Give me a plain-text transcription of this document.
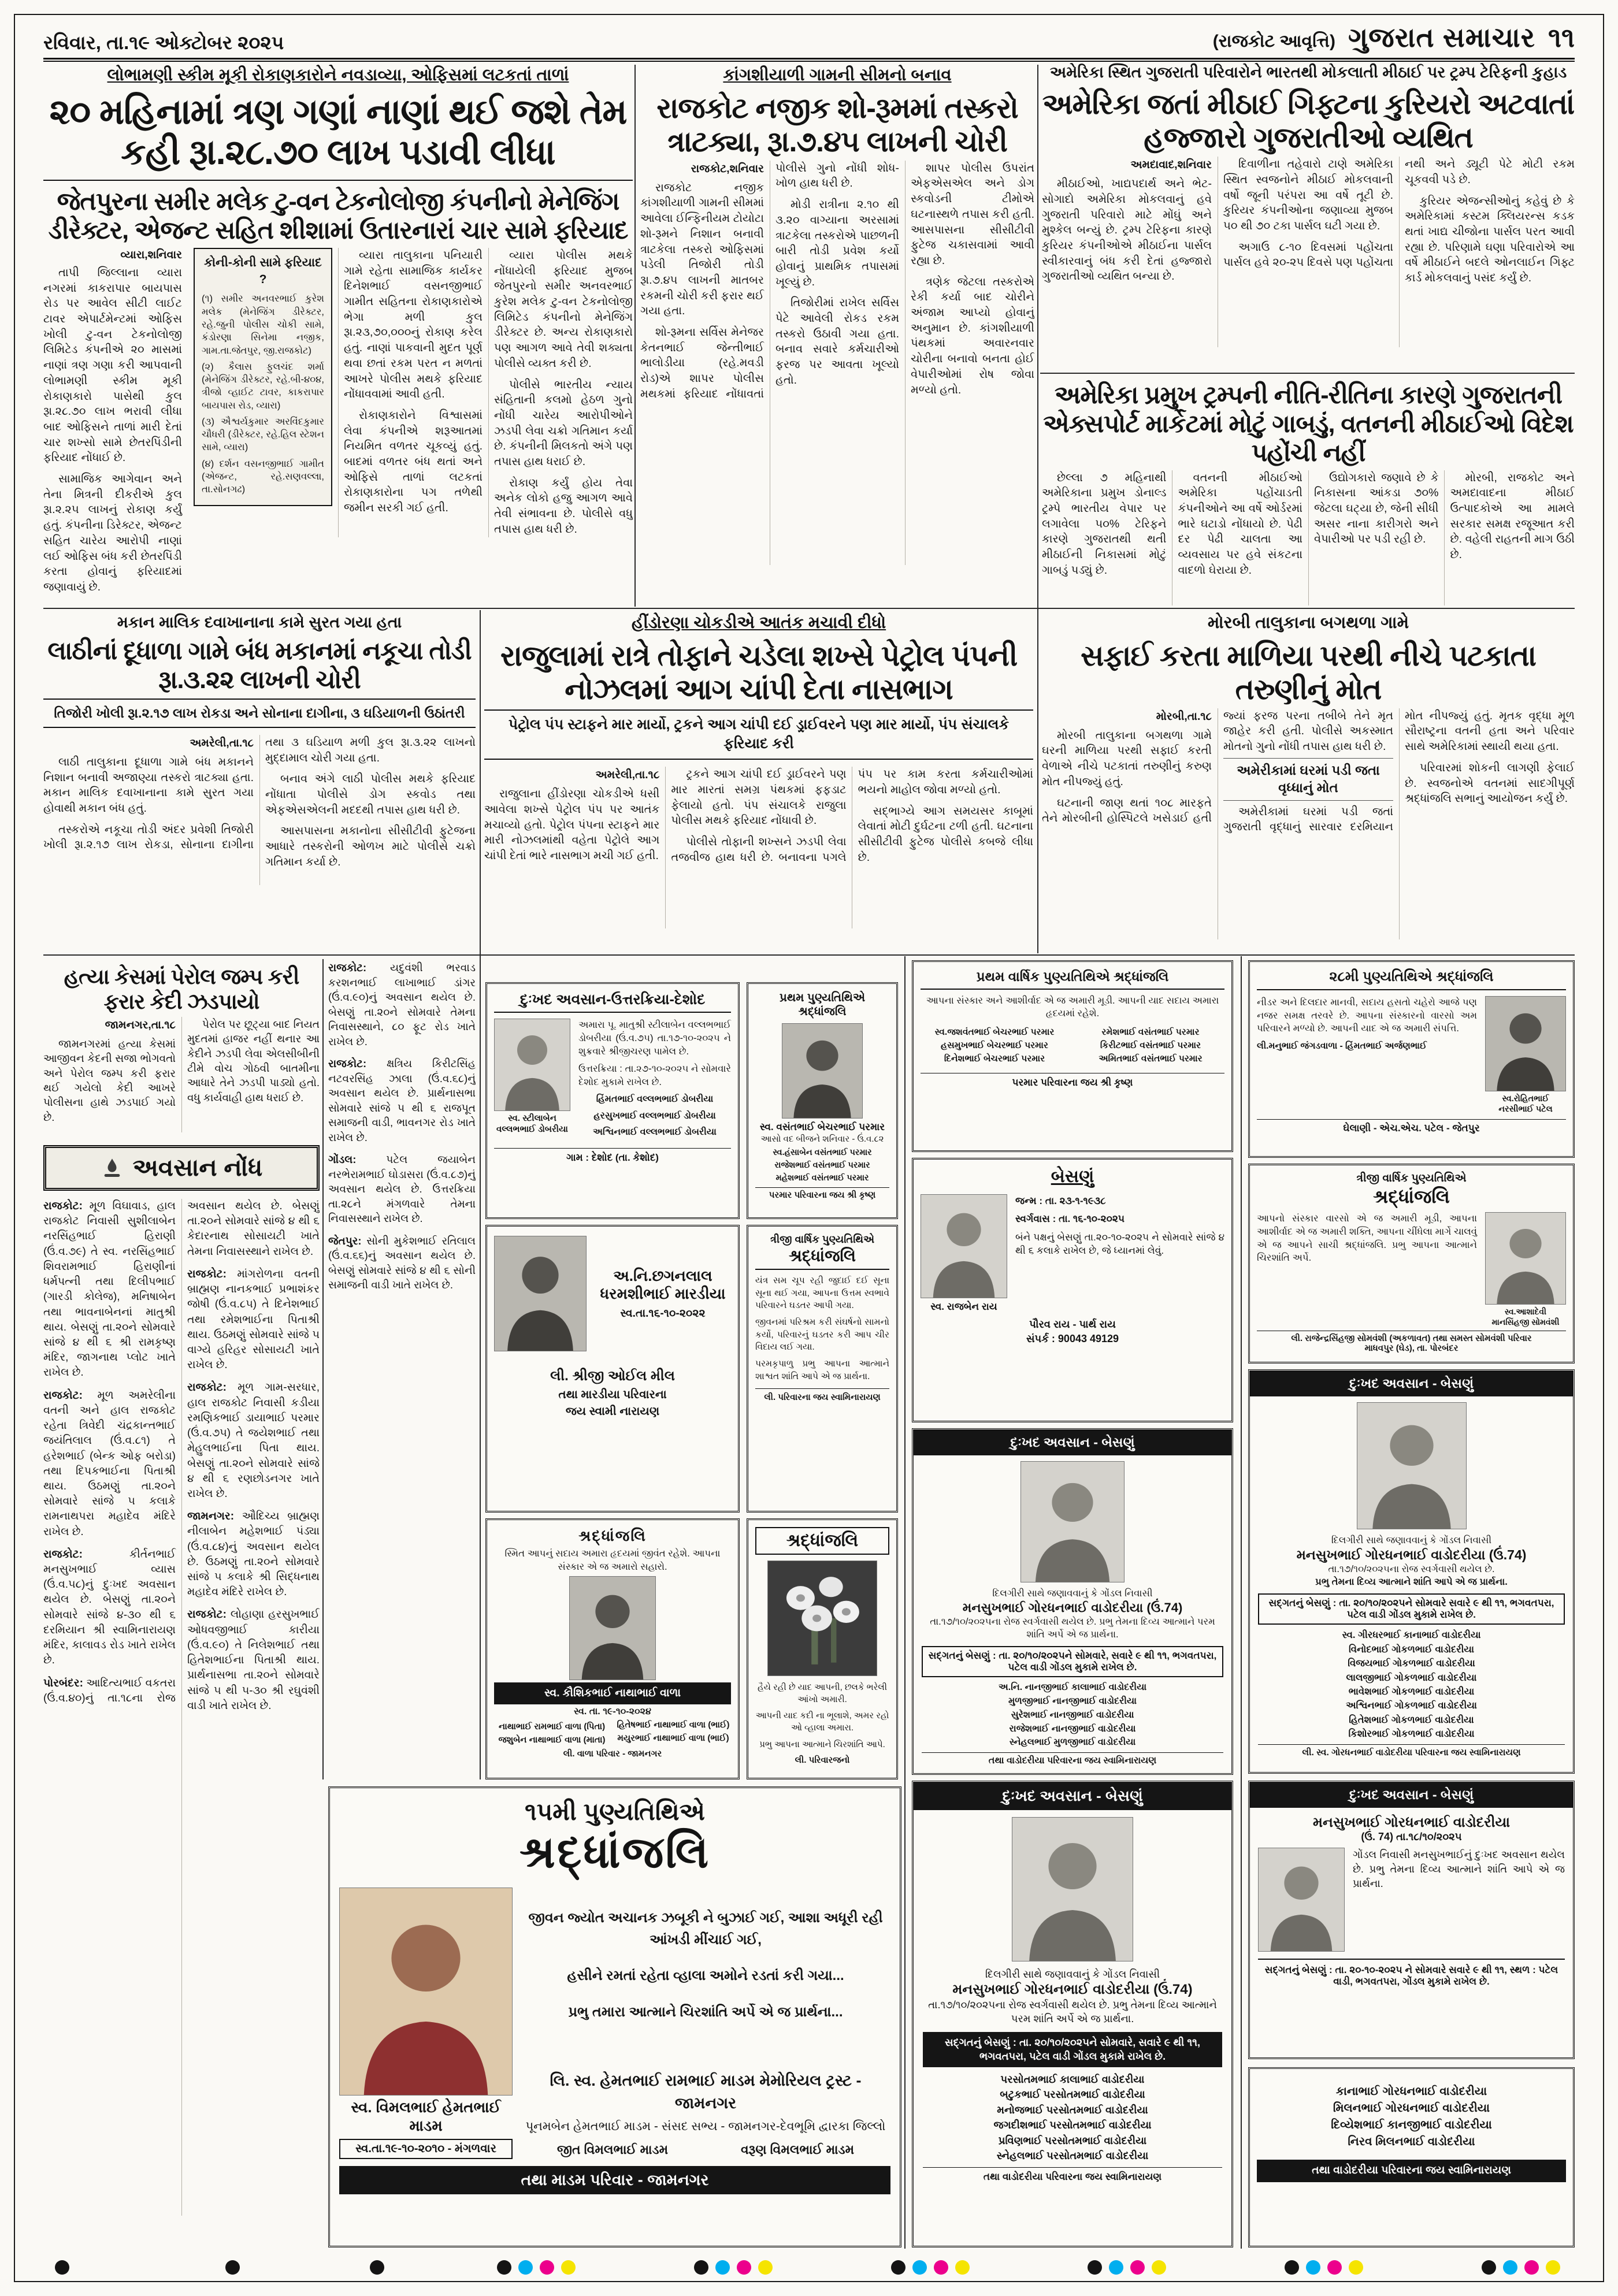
રવિવાર, તા.૧૯ ઓક્ટોબર ૨૦૨૫	(રાજકોટ આવૃત્તિ) ગુજરાત સમાચાર ૧૧
લોભામણી સ્કીમ મૂકી રોકાણકારોને નવડાવ્યા, ઓફિસમાં લટકતાં તાળાં
૨૦ મહિનામાં ત્રણ ગણાં નાણાં થઈ જશે તેમ કહી રૂા.૨૮.૭૦ લાખ પડાવી લીધા
જેતપુરના સમીર મલેક ટુ-વન ટેકનોલોજી કંપનીનો મેનેજિંગ ડીરેક્ટર, એજન્ટ સહિત શીશામાં ઉતારનારાં ચાર સામે ફરિયાદ
વ્યારા,શનિવાર

તાપી જિલ્લાના વ્યારા નગરમાં કાકરાપાર બાયપાસ રોડ પર આવેલ સીટી લાઈટ ટાવર એપાર્ટમેન્ટમાં ઓફિસ ખોલી ટુ-વન ટેકનોલોજી લિમિટેડ કંપનીએ ૨૦ માસમાં નાણાં ત્રણ ગણા કરી આપવાની લોભામણી સ્કીમ મૂકી રોકાણકારો પાસેથી કુલ રૂા.૨૮.૭૦ લાખ ભરાવી લીધા બાદ ઓફિસને તાળાં મારી દેતાં ચાર શખ્સો સામે છેતરપિંડીની ફરિયાદ નોંધાઈ છે.

સામાજિક આગેવાન અને તેના મિત્રની દીકરીએ કુલ રૂા.૨.૨૫ લાખનું રોકાણ કર્યું હતું. કંપનીના ડિરેક્ટર, એજન્ટ સહિત ચારેય આરોપી નાણાં લઈ ઓફિસ બંધ કરી છેતરપિંડી કરતા હોવાનું ફરિયાદમાં જણાવાયું છે.

કોની-કોની સામે ફરિયાદ ?

(૧) સમીર અનવરભાઈ કુરેશ મલેક (મેનેજિંગ ડીરેક્ટર, રહે.જુની પોલીસ ચોકી સામે, કંડોરણા સિનેમા નજીક, ગામ.તા.જેતપુર, જી.રાજકોટ)

(૨) કૈલાસ ફુલચંદ શર્મા (મેનેજિંગ ડીરેક્ટર, રહે.બી-૪૦૪, ત્રીજો વ્હાઈટ ટાવર, કાકરાપાર બાયપાસ રોડ, વ્યારા)

(૩) ઐશ્વર્યકુમાર અરવિંદકુમાર ચૌધરી (ડીરેક્ટર, રહે.હિલ સ્ટેશન સામે, વ્યારા)

(૪) દર્શન વસનજીભાઈ ગામીત (એજન્ટ, રહે.સણવલ્લા, તા.સોનગઢ)

વ્યારા તાલુકાના પનિયારી ગામે રહેતા સામાજિક કાર્યકર દિનેશભાઈ વસનજીભાઈ ગામીત સહિતના રોકાણકારોએ ભેગા મળી કુલ રૂા.૨૩,૭૦,૦૦૦નું રોકાણ કરેલ હતું. નાણાં પાકવાની મુદત પૂર્ણ થવા છતાં રકમ પરત ન મળતાં આખરે પોલીસ મથકે ફરિયાદ નોંધાવવામાં આવી હતી.

રોકાણકારોને વિશ્વાસમાં લેવા કંપનીએ શરૂઆતમાં નિયમિત વળતર ચૂકવ્યું હતું. બાદમાં વળતર બંધ થતાં અને ઓફિસે તાળાં લટકતાં રોકાણકારોના પગ તળેથી જમીન સરકી ગઈ હતી.

વ્યારા પોલીસ મથકે નોંધાયેલી ફરિયાદ મુજબ જેતપુરનો સમીર અનવરભાઈ કુરેશ મલેક ટુ-વન ટેકનોલોજી લિમિટેડ કંપનીનો મેનેજિંગ ડીરેક્ટર છે. અન્ય રોકાણકારો પણ આગળ આવે તેવી શક્યતા પોલીસે વ્યક્ત કરી છે.

પોલીસે ભારતીય ન્યાય સંહિતાની કલમો હેઠળ ગુનો નોંધી ચારેય આરોપીઓને ઝડપી લેવા ચક્રો ગતિમાન કર્યા છે. કંપનીની મિલકતો અંગે પણ તપાસ હાથ ધરાઈ છે.

રોકાણ કર્યું હોય તેવા અનેક લોકો હજુ આગળ આવે તેવી સંભાવના છે. પોલીસે વધુ તપાસ હાથ ધરી છે.

કાંગશીયાળી ગામની સીમનો બનાવ
રાજકોટ નજીક શો-રૂમમાં તસ્કરો ત્રાટક્યા, રૂા.૭.૪૫ લાખની ચોરી
રાજકોટ,શનિવાર

રાજકોટ નજીક કાંગશીયાળી ગામની સીમમાં આવેલા ઈન્ફિનીયમ ટોયોટા શો-રૂમને નિશાન બનાવી ત્રાટકેલા તસ્કરો ઓફિસમાં પડેલી તિજોરી તોડી રૂા.૭.૪૫ લાખની માતબર રકમની ચોરી કરી ફરાર થઈ ગયા હતા.

શો-રૂમના સર્વિસ મેનેજર કેતનભાઈ જેન્તીભાઈ ભાલોડીયા (રહે.મવડી રોડ)એ શાપર પોલીસ મથકમાં ફરિયાદ નોંધાવતાં પોલીસે ગુનો નોંધી શોધ-ખોળ હાથ ધરી છે.

મોડી રાત્રીના ૨.૧૦ થી ૩.૨૦ વાગ્યાના અરસામાં ત્રાટકેલા તસ્કરોએ પાછળની બારી તોડી પ્રવેશ કર્યો હોવાનું પ્રાથમિક તપાસમાં ખૂલ્યું છે.

તિજોરીમાં રાખેલ સર્વિસ પેટે આવેલી રોકડ રકમ તસ્કરો ઉઠાવી ગયા હતા. બનાવ સવારે કર્મચારીઓ ફરજ પર આવતા ખૂલ્યો હતો.

શાપર પોલીસ ઉપરાંત એફએસએલ અને ડોગ સ્કવોડની ટીમોએ ઘટનાસ્થળે તપાસ કરી હતી. આસપાસના સીસીટીવી ફુટેજ ચકાસવામાં આવી રહ્યા છે.

ત્રણેક જેટલા તસ્કરોએ રેકી કર્યા બાદ ચોરીને અંજામ આપ્યો હોવાનું અનુમાન છે. કાંગશીયાળી પંથકમાં અવારનવાર ચોરીના બનાવો બનતા હોઈ વેપારીઓમાં રોષ જોવા મળ્યો હતો.

અમેરિકા સ્થિત ગુજરાતી પરિવારોને ભારતથી મોકલાતી મીઠાઈ પર ટ્રમ્પ ટેરિફની કુહાડ
અમેરિકા જતાં મીઠાઈ ગિફ્ટના કુરિયરો અટવાતાં હજ્જારો ગુજરાતીઓ વ્યથિત
અમદાવાદ,શનિવાર

મીઠાઈઓ, ખાદ્યપદાર્થ અને ભેટ-સોગાદો અમેરિકા મોકલવાનું હવે ગુજરાતી પરિવારો માટે મોંઘું અને મુશ્કેલ બન્યું છે. ટ્રમ્પ ટેરિફના કારણે કુરિયર કંપનીઓએ મીઠાઈના પાર્સલ સ્વીકારવાનું બંધ કરી દેતાં હજ્જારો ગુજરાતીઓ વ્યથિત બન્યા છે.

દિવાળીના તહેવારો ટાણે અમેરિકા સ્થિત સ્વજનોને મીઠાઈ મોકલવાની વર્ષો જૂની પરંપરા આ વર્ષે તૂટી છે. કુરિયર કંપનીઓના જણાવ્યા મુજબ ૫૦ થી ૭૦ ટકા પાર્સલ ઘટી ગયા છે.

અગાઉ ૮-૧૦ દિવસમાં પહોંચતા પાર્સલ હવે ૨૦-૨૫ દિવસે પણ પહોંચતા નથી અને ડ્યૂટી પેટે મોટી રકમ ચૂકવવી પડે છે.

કુરિયર એજન્સીઓનું કહેવું છે કે અમેરિકામાં કસ્ટમ ક્લિયરન્સ કડક થતાં ખાદ્ય ચીજોના પાર્સલ પરત આવી રહ્યા છે. પરિણામે ઘણા પરિવારોએ આ વર્ષે મીઠાઈને બદલે ઓનલાઈન ગિફ્ટ કાર્ડ મોકલવાનું પસંદ કર્યું છે.

અમેરિકા પ્રમુખ ટ્રમ્પની નીતિ-રીતિના કારણે ગુજરાતની એક્સપોર્ટ માર્કેટમાં મોટું ગાબડું, વતનની મીઠાઈઓ વિદેશ પહોંચી નહીં

છેલ્લા ૭ મહિનાથી અમેરિકાના પ્રમુખ ડોનાલ્ડ ટ્રમ્પે ભારતીય વેપાર પર લગાવેલા ૫૦% ટેરિફને કારણે ગુજરાતથી થતી મીઠાઈની નિકાસમાં મોટું ગાબડું પડ્યું છે.

વતનની મીઠાઈઓ અમેરિકા પહોંચાડતી કંપનીઓને આ વર્ષે ઓર્ડરમાં ભારે ઘટાડો નોંધાયો છે. પેઢી દર પેઢી ચાલતા આ વ્યવસાય પર હવે સંકટના વાદળો ઘેરાયા છે.

ઉદ્યોગકારો જણાવે છે કે નિકાસના આંકડા ૭૦% જેટલા ઘટ્યા છે, જેની સીધી અસર નાના કારીગરો અને વેપારીઓ પર પડી રહી છે.

મોરબી, રાજકોટ અને અમદાવાદના મીઠાઈ ઉત્પાદકોએ આ મામલે સરકાર સમક્ષ રજૂઆત કરી છે. વહેલી રાહતની માગ ઉઠી છે.

મોરબી તાલુકાના બગથળા ગામે
સફાઈ કરતા માળિયા પરથી નીચે પટકાતા તરુણીનું મોત
મોરબી,તા.૧૮

મોરબી તાલુકાના બગથળા ગામે ઘરની માળિયા પરથી સફાઈ કરતી વેળાએ નીચે પટકાતાં તરુણીનું કરુણ મોત નીપજ્યું હતું.

ઘટનાની જાણ થતાં ૧૦૮ મારફતે તેને મોરબીની હોસ્પિટલે ખસેડાઈ હતી જ્યાં ફરજ પરના તબીબે તેને મૃત જાહેર કરી હતી. પોલીસે અકસ્માત મોતનો ગુનો નોંધી તપાસ હાથ ધરી છે.

અમેરીકામાં ઘરમાં પડી જતા વૃધ્ધાનું મોત

અમેરીકામાં ઘરમાં પડી જતાં ગુજરાતી વૃદ્ધાનું સારવાર દરમિયાન મોત નીપજ્યું હતું. મૃતક વૃદ્ધા મૂળ સૌરાષ્ટ્રના વતની હતા અને પરિવાર સાથે અમેરિકામાં સ્થાયી થયા હતા.

પરિવારમાં શોકની લાગણી ફેલાઈ છે. સ્વજનોએ વતનમાં સાદગીપૂર્ણ શ્રદ્ધાંજલિ સભાનું આયોજન કર્યું છે.

હીંડોરણા ચોકડીએ આતંક મચાવી દીધો
રાજુલામાં રાત્રે તોફાને ચડેલા શખ્સે પેટ્રોલ પંપની નોઝલમાં આગ ચાંપી દેતા નાસભાગ
પેટ્રોલ પંપ સ્ટાફને માર માર્યો, ટ્રકને આગ ચાંપી દઈ ડ્રાઈવરને પણ માર માર્યો, પંપ સંચાલકે ફરિયાદ કરી
અમરેલી,તા.૧૮

રાજુલાના હીંડોરણા ચોકડીએ ધસી આવેલા શખ્સે પેટ્રોલ પંપ પર આતંક મચાવ્યો હતો. પેટ્રોલ પંપના સ્ટાફને માર મારી નોઝલમાંથી વહેતા પેટ્રોલે આગ ચાંપી દેતાં ભારે નાસભાગ મચી ગઈ હતી.

ટ્રકને આગ ચાંપી દઈ ડ્રાઈવરને પણ માર મારતાં સમગ્ર પંથકમાં ફફડાટ ફેલાયો હતો. પંપ સંચાલકે રાજુલા પોલીસ મથકે ફરિયાદ નોંધાવી છે.

પોલીસે તોફાની શખ્સને ઝડપી લેવા તજવીજ હાથ ધરી છે. બનાવના પગલે પંપ પર કામ કરતા કર્મચારીઓમાં ભયનો માહોલ જોવા મળ્યો હતો.

સદ્ભાગ્યે આગ સમયસર કાબૂમાં લેવાતાં મોટી દુર્ઘટના ટળી હતી. ઘટનાના સીસીટીવી ફુટેજ પોલીસે કબજે લીધા છે.

મકાન માલિક દવાખાનાના કામે સુરત ગયા હતા
લાઠીનાં દૂધાળા ગામે બંધ મકાનમાં નકૂચા તોડી રૂા.૩.૨૨ લાખની ચોરી
તિજોરી ખોલી રૂા.૨.૧૭ લાખ રોકડા અને સોનાના દાગીના, ૩ ઘડિયાળની ઉઠાંતરી
અમરેલી,તા.૧૮

લાઠી તાલુકાના દૂધાળા ગામે બંધ મકાનને નિશાન બનાવી અજાણ્યા તસ્કરો ત્રાટક્યા હતા. મકાન માલિક દવાખાનાના કામે સુરત ગયા હોવાથી મકાન બંધ હતું.

તસ્કરોએ નકૂચા તોડી અંદર પ્રવેશી તિજોરી ખોલી રૂા.૨.૧૭ લાખ રોકડા, સોનાના દાગીના તથા ૩ ઘડિયાળ મળી કુલ રૂા.૩.૨૨ લાખનો મુદ્દામાલ ચોરી ગયા હતા.

બનાવ અંગે લાઠી પોલીસ મથકે ફરિયાદ નોંધાતા પોલીસે ડોગ સ્કવોડ તથા એફએસએલની મદદથી તપાસ હાથ ધરી છે.

આસપાસના મકાનોના સીસીટીવી ફુટેજના આધારે તસ્કરોની ઓળખ માટે પોલીસે ચક્રો ગતિમાન કર્યા છે.

હત્યા કેસમાં પેરોલ જમ્પ કરી ફરાર કેદી ઝડપાયો
જામનગર,તા.૧૮

જામનગરમાં હત્યા કેસમાં આજીવન કેદની સજા ભોગવતો અને પેરોલ જમ્પ કરી ફરાર થઈ ગયેલો કેદી આખરે પોલીસના હાથે ઝડપાઈ ગયો છે.

પેરોલ પર છૂટ્યા બાદ નિયત મુદતમાં હાજર નહીં થનાર આ કેદીને ઝડપી લેવા એલસીબીની ટીમે વોચ ગોઠવી બાતમીના આધારે તેને ઝડપી પાડ્યો હતો. વધુ કાર્યવાહી હાથ ધરાઈ છે.

અવસાન નોંધ

રાજકોટ: મૂળ વિઘાવાડ, હાલ રાજકોટ નિવાસી સુશીલાબેન નરસિંહભાઈ હિરાણી (ઉં.વ.૭૯) તે સ્વ. નરસિંહભાઈ શિવરામભાઈ હિરાણીનાં ધર્મપત્ની તથા દિલીપભાઈ (ગારડી કોલેજ), મનિષાબેન તથા ભાવનાબેનનાં માતુશ્રી થાય. બેસણું તા.૨૦ને સોમવારે સાંજે ૪ થી ૬ શ્રી રામકૃષ્ણ મંદિર, જાગનાથ પ્લોટ ખાતે રાખેલ છે.

રાજકોટ: મૂળ અમરેલીના વતની અને હાલ રાજકોટ રહેતા ત્રિવેદી ચંદ્રકાન્તભાઈ જયંતિલાલ (ઉં.વ.૮૧) તે હરેશભાઈ (બેન્ક ઓફ બરોડા) તથા દિપકભાઈના પિતાશ્રી થાય. ઉઠમણું તા.૨૦ને સોમવારે સાંજે ૫ કલાકે રામનાથપરા મહાદેવ મંદિરે રાખેલ છે.

રાજકોટ: કીર્તનભાઈ મનસુખભાઈ વ્યાસ (ઉં.વ.૫૮)નું દુઃખદ અવસાન થયેલ છે. બેસણું તા.૨૦ને સોમવારે સાંજે ૪-૩૦ થી ૬ દરમિયાન શ્રી સ્વામિનારાયણ મંદિર, કાલાવડ રોડ ખાતે રાખેલ છે.

પોરબંદર: આદિત્યભાઈ વકતરા (ઉં.વ.૪૦)નું તા.૧૮ના રોજ અવસાન થયેલ છે. બેસણું તા.૨૦ને સોમવારે સાંજે ૪ થી ૬ કેદારનાથ સોસાયટી ખાતે તેમના નિવાસસ્થાને રાખેલ છે.

રાજકોટ: માંગરોળના વતની બ્રાહ્મણ નાનકભાઈ પ્રભાશંકર જોષી (ઉં.વ.૮૫) તે દિનેશભાઈ તથા રમેશભાઈના પિતાશ્રી થાય. ઉઠમણું સોમવારે સાંજે ૫ વાગ્યે હરિહર સોસાયટી ખાતે રાખેલ છે.

રાજકોટ: મૂળ ગામ-સરધાર, હાલ રાજકોટ નિવાસી કડીયા રમણિકભાઈ ડાયાભાઈ પરમાર (ઉં.વ.૭૫) તે જયેશભાઈ તથા મેહુલભાઈના પિતા થાય. બેસણું તા.૨૦ને સોમવારે સાંજે ૪ થી ૬ રણછોડનગર ખાતે રાખેલ છે.

જામનગર: ઔદિચ્ય બ્રાહ્મણ નીલાબેન મહેશભાઈ પંડ્યા (ઉં.વ.૮૪)નું અવસાન થયેલ છે. ઉઠમણું તા.૨૦ને સોમવારે સાંજે ૫ કલાકે શ્રી સિદ્ધનાથ મહાદેવ મંદિરે રાખેલ છે.

રાજકોટ: લોહાણા હરસુખભાઈ ઓધવજીભાઈ કારીયા (ઉં.વ.૯૦) તે નિલેશભાઈ તથા હિતેશભાઈના પિતાશ્રી થાય. પ્રાર્થનાસભા તા.૨૦ને સોમવારે સાંજે ૫ થી ૫-૩૦ શ્રી રઘુવંશી વાડી ખાતે રાખેલ છે.

રાજકોટ: યદુવંશી ભરવાડ કરશનભાઈ લાખાભાઈ ડાંગર (ઉં.વ.૯૦)નું અવસાન થયેલ છે. બેસણું તા.૨૦ને સોમવારે તેમના નિવાસસ્થાને, ૮૦ ફૂટ રોડ ખાતે રાખેલ છે.

રાજકોટ: ક્ષત્રિય કિરીટસિંહ નટવરસિંહ ઝાલા (ઉં.વ.૬૮)નું અવસાન થયેલ છે. પ્રાર્થનાસભા સોમવારે સાંજે ૫ થી ૬ રાજપૂત સમાજની વાડી, ભાવનગર રોડ ખાતે રાખેલ છે.

ગોંડલ: પટેલ જયાબેન નરભેરામભાઈ ઘોડાસરા (ઉં.વ.૮૭)નું અવસાન થયેલ છે. ઉત્તરક્રિયા તા.૨૮ને મંગળવારે તેમના નિવાસસ્થાને રાખેલ છે.

જેતપુર: સોની મુકેશભાઈ રતિલાલ (ઉં.વ.૬૬)નું અવસાન થયેલ છે. બેસણું સોમવારે સાંજે ૪ થી ૬ સોની સમાજની વાડી ખાતે રાખેલ છે.

દુઃખદ અવસાન-ઉત્તરક્રિયા-દેશોદ
સ્વ. સ્ટીલાબેન વલ્લભભાઈ ડોબરીયા

અમારા પૂ. માતુશ્રી સ્ટીલાબેન વલ્લભભાઈ ડોબરીયા (ઉં.વ.૭૫) તા.૧૭-૧૦-૨૦૨૫ ને શુક્રવારે શ્રીજીચરણ પામેલ છે.

ઉત્તરક્રિયા : તા.૨૭-૧૦-૨૦૨૫ ને સોમવારે દેશોદ મુકામે રાખેલ છે.

હિંમતભાઈ વલ્લભભાઈ ડોબરીયા

હરસુખભાઈ વલ્લભભાઈ ડોબરીયા

અશ્વિનભાઈ વલ્લભભાઈ ડોબરીયા

ગામ : દેશોદ (તા. કેશોદ)
પ્રથમ પુણ્યતિથિએ શ્રદ્ધાંજલિ
સ્વ. વસંતભાઈ બેચરભાઈ પરમાર
આસો વદ બીજને શનિવાર - ઉં.વ.૮૨

સ્વ.હંસાબેન વસંતભાઈ પરમાર

રાજેશભાઈ વસંતભાઈ પરમાર

મહેશભાઈ વસંતભાઈ પરમાર

પરમાર પરિવારના જય શ્રી કૃષ્ણ
અ.નિ.છગનલાલ
ધરમશીભાઈ મારડીયા
સ્વ.તા.૧૬-૧૦-૨૦૨૨
લી. શ્રીજી ઓઈલ મીલ
તથા મારડીયા પરિવારના
જય સ્વામી નારાયણ
ત્રીજી વાર્ષિક પુણ્યતિથિએ
શ્રદ્ધાંજલિ

યંત્ર સમ ચૂપ રહી જુદાઈ દઈ સૂના સૂના થઈ ગયા, આપના ઉત્તમ સ્વભાવે પરિવારને ઘડતર આપી ગયા.

જીવનમાં પરિશ્રમ કરી સંઘર્ષનો સામનો કર્યો, પરિવારનું ઘડતર કરી આપ ચીર વિદાય લઈ ગયા.

પરમકૃપાળુ પ્રભુ આપના આત્માને શાશ્વત શાંતિ આપે એ જ પ્રાર્થના.

લી. પરિવારના જય સ્વામિનારાયણ
શ્રદ્ધાંજલિ
સ્મિત આપનું સદાય અમારા હૃદયમાં જીવંત રહેશે. આપના સંસ્કાર એ જ અમારો સહારો.
સ્વ. કૌશિકભાઈ નાથાભાઈ વાળા
સ્વ. તા. ૧૯-૧૦-૨૦૨૪

નાથાભાઈ રામભાઈ વાળા (પિતા)

જશુબેન નાથાભાઈ વાળા (માતા)

હિતેષભાઈ નાથાભાઈ વાળા (ભાઈ)

મયુરભાઈ નાથાભાઈ વાળા (ભાઈ)

લી. વાળા પરિવાર - જામનગર
શ્રદ્ધાંજલિ

હૈયે રહી છે યાદ આપની, છલકે ભરેલી આંખો અમારી.

આપની યાદ કદી ના ભૂલાશે, અમર રહો ઓ વ્હાલા અમારા.

પ્રભુ આપના આત્માને ચિરશાંતિ આપે.

લી. પરિવારજનો
૧૫મી પુણ્યતિથિએ
શ્રદ્ધાંજલિ
સ્વ. વિમલભાઈ હેમતભાઈ માડમ
સ્વ.તા.૧૯-૧૦-૨૦૧૦ - મંગળવાર

જીવન જ્યોત અચાનક ઝબૂકી ને બુઝાઈ ગઈ, આશા અધૂરી રહી આંખડી મીંચાઈ ગઈ,

હસીને રમતાં રહેતા વ્હાલા અમોને રડતાં કરી ગયા...

પ્રભુ તમારા આત્માને ચિરશાંતિ અર્પે એ જ પ્રાર્થના...

લિ. સ્વ. હેમતભાઈ રામભાઈ માડમ મેમોરિયલ ટ્રસ્ટ - જામનગર
પૂનમબેન હેમતભાઈ માડમ - સંસદ સભ્ય - જામનગર-દેવભૂમિ દ્વારકા જિલ્લો
જીત વિમલભાઈ માડમ	વરૂણ વિમલભાઈ માડમ
તથા માડમ પરિવાર - જામનગર
પ્રથમ વાર્ષિક પુણ્યતિથિએ શ્રદ્ધાંજલિ
આપના સંસ્કાર અને આશીર્વાદ એ જ અમારી મૂડી. આપની યાદ સદાય અમારા હૃદયમાં રહેશે.

સ્વ.જશવંતભાઈ બેચરભાઈ પરમાર

હસમુખભાઈ બેચરભાઈ પરમાર

દિનેશભાઈ બેચરભાઈ પરમાર

રમેશભાઈ વસંતભાઈ પરમાર

કિરીટભાઈ વસંતભાઈ પરમાર

અમિતભાઈ વસંતભાઈ પરમાર

પરમાર પરિવારના જય શ્રી કૃષ્ણ
બેસણું
સ્વ. રાજબેન રાય

જન્મ : તા. ૨૩-૧-૧૯૩૮

સ્વર્ગવાસ : તા. ૧૬-૧૦-૨૦૨૫

બંને પક્ષનું બેસણું તા.૨૦-૧૦-૨૦૨૫ ને સોમવારે સાંજે ૪ થી ૬ કલાકે રાખેલ છે, જે ધ્યાનમાં લેવું.

પૌરવ રાય - પાર્થ રાય
સંપર્ક : 90043 49129
દુઃખદ અવસાન - બેસણું
દિલગીરી સાથે જણાવવાનું કે ગોંડલ નિવાસી
મનસુખભાઈ ગોરધનભાઈ વાડોદરીયા (ઉં.74)
તા.૧૭/૧૦/૨૦૨૫ના રોજ સ્વર્ગવાસી થયેલ છે. પ્રભુ તેમના દિવ્ય આત્માને પરમ શાંતિ અર્પે એ જ પ્રાર્થના.
સદ્ગતનું બેસણું : તા. ૨૦/૧૦/૨૦૨૫ને સોમવારે, સવારે ૯ થી ૧૧, ભગવતપરા, પટેલ વાડી ગોંડલ મુકામે રાખેલ છે.

અ.નિ. નાનજીભાઈ કાલાભાઈ વાડોદરીયા

મુળજીભાઈ નાનજીભાઈ વાડોદરીયા

સુરેશભાઈ નાનજીભાઈ વાડોદરીયા

રાજેશભાઈ નાનજીભાઈ વાડોદરીયા

સ્નેહલભાઈ મુળજીભાઈ વાડોદરીયા

તથા વાડોદરીયા પરિવારના જય સ્વામિનારાયણ
દુઃખદ અવસાન - બેસણું
દિલગીરી સાથે જણાવવાનું કે ગોંડલ નિવાસી
મનસુખભાઈ ગોરધનભાઈ વાડોદરીયા (ઉં.74)
તા.૧૭/૧૦/૨૦૨૫ના રોજ સ્વર્ગવાસી થયેલ છે. પ્રભુ તેમના દિવ્ય આત્માને પરમ શાંતિ અર્પે એ જ પ્રાર્થના.
સદ્ગતનું બેસણું : તા. ૨૦/૧૦/૨૦૨૫ને સોમવારે, સવારે ૯ થી ૧૧, ભગવતપરા, પટેલ વાડી ગોંડલ મુકામે રાખેલ છે.

પરસોતમભાઈ કાલાભાઈ વાડોદરીયા

બટુકભાઈ પરસોતમભાઈ વાડોદરીયા

મનોજભાઈ પરસોતમભાઈ વાડોદરીયા

જગદીશભાઈ પરસોતમભાઈ વાડોદરીયા

પ્રવિણભાઈ પરસોતમભાઈ વાડોદરીયા

સ્નેહલભાઈ પરસોતમભાઈ વાડોદરીયા

તથા વાડોદરીયા પરિવારના જય સ્વામિનારાયણ
૨૮મી પુણ્યતિથિએ શ્રદ્ધાંજલિ

નીડર અને દિલદાર માનવી, સદાય હસતો ચહેરો આજે પણ નજર સમક્ષ તરવરે છે. આપના સંસ્કારનો વારસો અમ પરિવારને મળ્યો છે. આપની યાદ એ જ અમારી સંપત્તિ.

લી.મનુભાઈ જંગડવાળા - હિંમતભાઈ અર્જણભાઈ

સ્વ.રોહિતભાઈ નરસીભાઈ પટેલ
ઘેલાણી - એચ.એચ. પટેલ - જેતપુર
ત્રીજી વાર્ષિક પુણ્યતિથિએ
શ્રદ્ધાંજલિ
આપનો સંસ્કાર વારસો એ જ અમારી મૂડી, આપના આશીર્વાદ એ જ અમારી શક્તિ, આપના ચીંધેલા માર્ગે ચાલવું એ જ આપને સાચી શ્રદ્ધાંજલિ. પ્રભુ આપના આત્માને ચિરશાંતિ અર્પે.
સ્વ.આશાદેવી માનસિંહજી સોમવંશી
લી. રાજેન્દ્રસિંહજી સોમવંશી (અકળાવત) તથા સમસ્ત સોમવંશી પરિવાર
માધવપુર (ઘેડ), તા. પોરબંદર
દુઃખદ અવસાન - બેસણું
દિલગીરી સાથે જણાવવાનું કે ગોંડલ નિવાસી
મનસુખભાઈ ગોરધનભાઈ વાડોદરીયા (ઉં.74)
તા.૧૭/૧૦/૨૦૨૫ના રોજ સ્વર્ગવાસી થયેલ છે.
પ્રભુ તેમના દિવ્ય આત્માને શાંતિ આપે એ જ પ્રાર્થના.
સદ્ગતનું બેસણું : તા. ૨૦/૧૦/૨૦૨૫ને સોમવારે સવારે ૯ થી ૧૧, ભગવતપરા, પટેલ વાડી ગોંડલ મુકામે રાખેલ છે.

સ્વ. ગીરધરભાઈ કાનાભાઈ વાડોદરીયા

વિનોદભાઈ ગોકળભાઈ વાડોદરીયા

વિજયભાઈ ગોકળભાઈ વાડોદરીયા

લાલજીભાઈ ગોકળભાઈ વાડોદરીયા

ભાવેશભાઈ ગોકળભાઈ વાડોદરીયા

અશ્વિનભાઈ ગોકળભાઈ વાડોદરીયા

હિતેશભાઈ ગોકળભાઈ વાડોદરીયા

કિશોરભાઈ ગોકળભાઈ વાડોદરીયા

લી. સ્વ. ગોરધનભાઈ વાડોદરીયા પરિવારના જય સ્વામિનારાયણ
દુઃખદ અવસાન - બેસણું
મનસુખભાઈ ગોરધનભાઈ વાડોદરીયા
(ઉં. 74) તા.૧૮/૧૦/૨૦૨૫
ગોંડલ નિવાસી મનસુખભાઈનું દુઃખદ અવસાન થયેલ છે. પ્રભુ તેમના દિવ્ય આત્માને શાંતિ આપે એ જ પ્રાર્થના.
સદ્ગતનું બેસણું : તા. ૨૦-૧૦-૨૦૨૫ ને સોમવારે સવારે ૯ થી ૧૧, સ્થળ : પટેલ વાડી, ભગવતપરા, ગોંડલ મુકામે રાખેલ છે.

કાનાભાઈ ગોરધનભાઈ વાડોદરીયા

મિલનભાઈ ગોરધનભાઈ વાડોદરીયા

દિવ્યેશભાઈ કાનજીભાઈ વાડોદરીયા

નિરવ મિલનભાઈ વાડોદરીયા

તથા વાડોદરીયા પરિવારના જય સ્વામિનારાયણ
